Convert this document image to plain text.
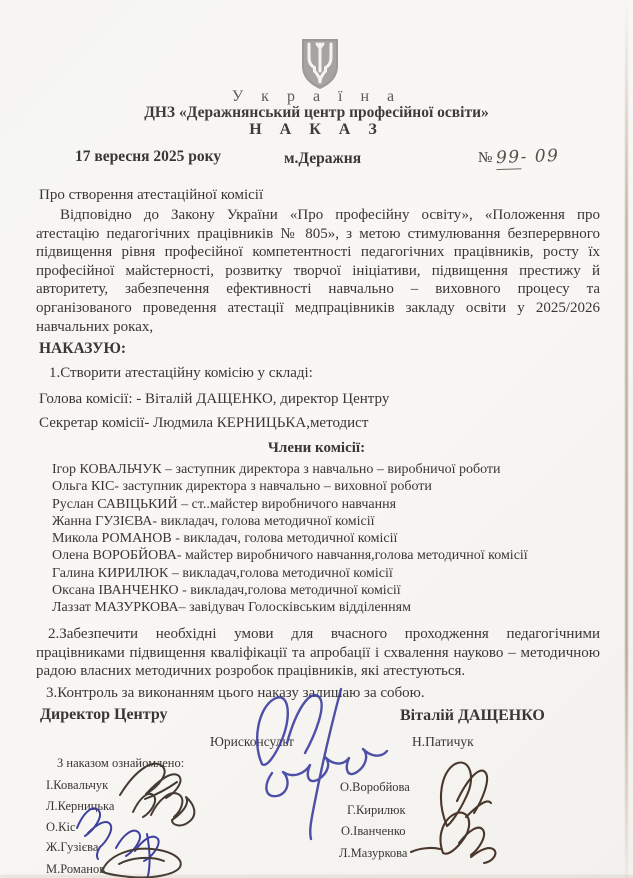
У к р а ї н а
ДНЗ «Деражнянський центр професійної освіти»
Н А К А З
17 вересня 2025 року	м.Деражня	№ 99- 09
Про створення атестаційної комісії
Відповідно до Закону України «Про професійну освіту», «Положення про атестацію педагогічних працівників № 805», з метою стимулювання безперервного підвищення рівня професійної компетентності педагогічних працівників, росту їх професійної майстерності, розвитку творчої ініціативи, підвищення престижу й авторитету, забезпечення ефективності навчально – виховного процесу та організованого проведення атестації медпрацівників закладу освіти у 2025/2026 навчальних роках,
НАКАЗУЮ:
1.Створити атестаційну комісію у складі:
Голова комісії: - Віталій ДАЩЕНКО, директор Центру
Секретар комісії- Людмила КЕРНИЦЬКА,методист
Члени комісії:
Ігор КОВАЛЬЧУК – заступник директора з навчально – виробничої роботи
Ольга КІС- заступник директора з навчально – виховної роботи
Руслан САВІЦЬКИЙ – ст..майстер виробничого навчання
Жанна ГУЗІЄВА- викладач, голова методичної комісії
Микола РОМАНОВ - викладач, голова методичної комісії
Олена ВОРОБЙОВА- майстер виробничого навчання,голова методичної комісії
Галина КИРИЛЮК – викладач,голова методичної комісії
Оксана ІВАНЧЕНКО - викладач,голова методичної комісії
Лаззат МАЗУРКОВА– завідувач Голосківським відділенням
2.Забезпечити необхідні умови для вчасного проходження педагогічними працівниками підвищення кваліфікації та апробації і схвалення науково – методичною радою власних методичних розробок працівників, які атестуються.
3.Контроль за виконанням цього наказу залишаю за собою.
Директор Центру	Віталій ДАЩЕНКО
Юрисконсульт	Н.Патичук
З наказом ознайомлено:
І.Ковальчук
Л.Керницька
О.Кіс
Ж.Гузієва
М.Романов
О.Воробйова
Г.Кирилюк
О.Іванченко
Л.Мазуркова
